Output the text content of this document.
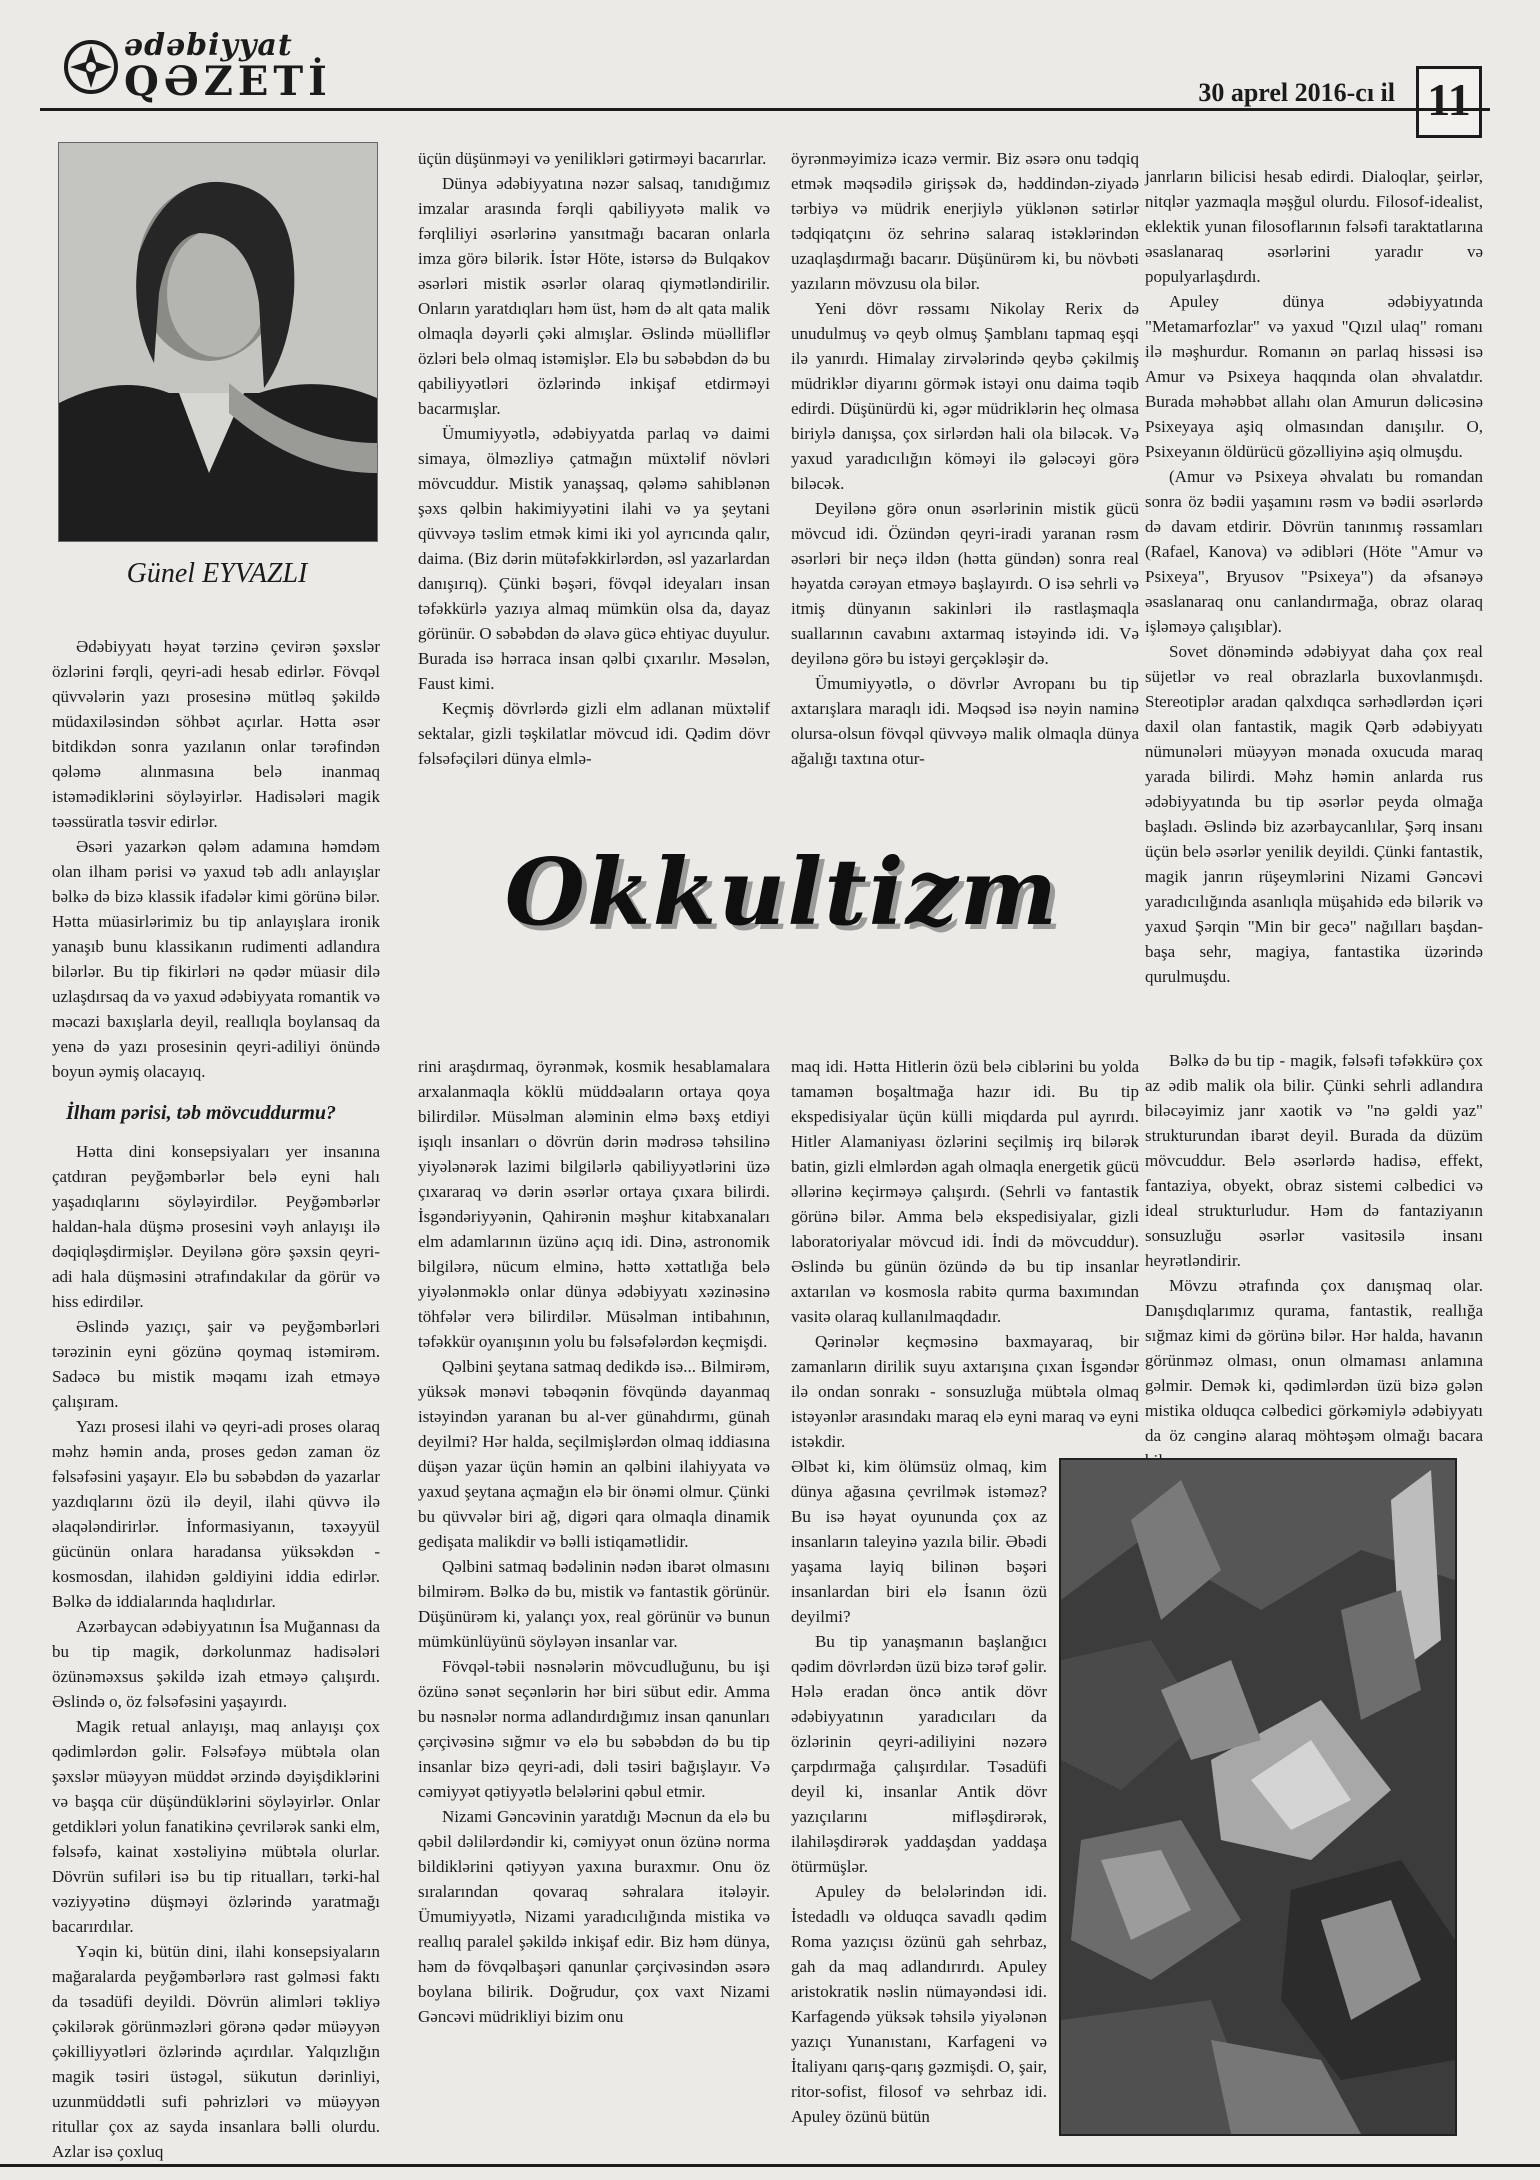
ədəbiyyat
QƏZETİ	30 aprel 2016-cı il 11
Günel EYVAZLI

Ədəbiyyatı həyat tərzinə çevirən şəxslər özlərini fərqli, qeyri-adi hesab edirlər. Fövqəl qüvvələrin yazı prosesinə mütləq şəkildə müdaxiləsindən söhbət açırlar. Hətta əsər bitdikdən sonra yazılanın onlar tərəfindən qələmə alınmasına belə inanmaq istəmədiklərini söyləyirlər. Hadisələri magik təəssüratla təsvir edirlər.

Əsəri yazarkən qələm adamına həmdəm olan ilham pərisi və yaxud təb adlı anlayışlar bəlkə də bizə klassik ifadələr kimi görünə bilər. Hətta müasirlərimiz bu tip anlayışlara ironik yanaşıb bunu klassikanın rudimenti adlandıra bilərlər. Bu tip fikirləri nə qədər müasir dilə uzlaşdırsaq da və yaxud ədəbiyyata romantik və məcazi baxışlarla deyil, reallıqla boylansaq da yenə də yazı prosesinin qeyri-adiliyi önündə boyun əymiş olacayıq.

İlham pərisi, təb mövcuddurmu?

Hətta dini konsepsiyaları yer insanına çatdıran peyğəmbərlər belə eyni halı yaşadıqlarını söyləyirdilər. Peyğəmbərlər haldan-hala düşmə prosesini vəyh anlayışı ilə dəqiqləşdirmişlər. Deyilənə görə şəxsin qeyri-adi hala düşməsini ətrafındakılar da görür və hiss edirdilər.

Əslində yazıçı, şair və peyğəmbərləri tərəzinin eyni gözünə qoymaq istəmirəm. Sadəcə bu mistik məqamı izah etməyə çalışıram.

Yazı prosesi ilahi və qeyri-adi proses olaraq məhz həmin anda, proses gedən zaman öz fəlsəfəsini yaşayır. Elə bu səbəbdən də yazarlar yazdıqlarını özü ilə deyil, ilahi qüvvə ilə əlaqələndirirlər. İnformasiyanın, təxəyyül gücünün onlara haradansa yüksəkdən - kosmosdan, ilahidən gəldiyini iddia edirlər. Bəlkə də iddialarında haqlıdırlar.

Azərbaycan ədəbiyyatının İsa Muğannası da bu tip magik, dərkolunmaz hadisələri özünəməxsus şəkildə izah etməyə çalışırdı. Əslində o, öz fəlsəfəsini yaşayırdı.

Magik retual anlayışı, maq anlayışı çox qədimlərdən gəlir. Fəlsəfəyə mübtəla olan şəxslər müəyyən müddət ərzində dəyişdiklərini və başqa cür düşündüklərini söyləyirlər. Onlar getdikləri yolun fanatikinə çevrilərək sanki elm, fəlsəfə, kainat xəstəliyinə mübtəla olurlar. Dövrün sufiləri isə bu tip ritualları, tərki-hal vəziyyətinə düşməyi özlərində yaratmağı bacarırdılar.

Yəqin ki, bütün dini, ilahi konsepsiyaların mağaralarda peyğəmbərlərə rast gəlməsi faktı da təsadüfi deyildi. Dövrün alimləri təkliyə çəkilərək görünməzləri görənə qədər müəyyən çəkilliyyətləri özlərində açırdılar. Yalqızlığın magik təsiri üstəgəl, sükutun dərinliyi, uzunmüddətli sufi pəhrizləri və müəyyən ritullar çox az sayda insanlara bəlli olurdu. Azlar isə çoxluq

üçün düşünməyi və yenilikləri gətirməyi bacarırlar.

Dünya ədəbiyyatına nəzər salsaq, tanıdığımız imzalar arasında fərqli qabiliyyətə malik və fərqliliyi əsərlərinə yansıtmağı bacaran onlarla imza görə bilərik. İstər Höte, istərsə də Bulqakov əsərləri mistik əsərlər olaraq qiymətləndirilir. Onların yaratdıqları həm üst, həm də alt qata malik olmaqla dəyərli çəki almışlar. Əslində müəlliflər özləri belə olmaq istəmişlər. Elə bu səbəbdən də bu qabiliyyətləri özlərində inkişaf etdirməyi bacarmışlar.

Ümumiyyətlə, ədəbiyyatda parlaq və daimi simaya, ölməzliyə çatmağın müxtəlif növləri mövcuddur. Mistik yanaşsaq, qələmə sahiblənən şəxs qəlbin hakimiyyətini ilahi və ya şeytani qüvvəyə təslim etmək kimi iki yol ayrıcında qalır, daima. (Biz dərin mütəfəkkirlərdən, əsl yazarlardan danışırıq). Çünki bəşəri, fövqəl ideyaları insan təfəkkürlə yazıya almaq mümkün olsa da, dayaz görünür. O səbəbdən də əlavə gücə ehtiyac duyulur. Burada isə hərraca insan qəlbi çıxarılır. Məsələn, Faust kimi.

Keçmiş dövrlərdə gizli elm adlanan müxtəlif sektalar, gizli təşkilatlar mövcud idi. Qədim dövr fəlsəfəçiləri dünya elmlə-

öyrənməyimizə icazə vermir. Biz əsərə onu tədqiq etmək məqsədilə girişsək də, həddindən-ziyadə tərbiyə və müdrik enerjiylə yüklənən sətirlər tədqiqatçını öz sehrinə salaraq istəklərindən uzaqlaşdırmağı bacarır. Düşünürəm ki, bu növbəti yazıların mövzusu ola bilər.

Yeni dövr rəssamı Nikolay Rerix də unudulmuş və qeyb olmuş Şamblanı tapmaq eşqi ilə yanırdı. Himalay zirvələrində qeybə çəkilmiş müdriklər diyarını görmək istəyi onu daima təqib edirdi. Düşünürdü ki, əgər müdriklərin heç olmasa biriylə danışsa, çox sirlərdən hali ola biləcək. Və yaxud yaradıcılığın kömәyi ilə gələcəyi görə biləcək.

Deyilənə görə onun əsərlərinin mistik gücü mövcud idi. Özündən qeyri-iradi yaranan rəsm əsərləri bir neçə ildən (hətta gündən) sonra real həyatda cərəyan etməyə başlayırdı. O isə sehrli və itmiş dünyanın sakinləri ilə rastlaşmaqla suallarının cavabını axtarmaq istəyində idi. Və deyilənə görə bu istəyi gerçəkləşir də.

Ümumiyyətlə, o dövrlər Avropanı bu tip axtarışlara maraqlı idi. Məqsəd isə nəyin naminə olursa-olsun fövqəl qüvvəyə malik olmaqla dünya ağalığı taxtına otur-

janrların bilicisi hesab edirdi. Dialoqlar, şeirlər, nitqlər yazmaqla məşğul olurdu. Filosof-idealist, eklektik yunan filosoflarının fəlsəfi taraktatlarına əsaslanaraq əsərlərini yaradır və populyarlaşdırdı.

Apuley dünya ədəbiyyatında "Metamarfozlar" və yaxud "Qızıl ulaq" romanı ilə məşhurdur. Romanın ən parlaq hissəsi isə Amur və Psixeya haqqında olan əhvalatdır. Burada məhəbbət allahı olan Amurun dəlicəsinə Psixeyaya aşiq olmasından danışılır. O, Psixeyanın öldürücü gözəlliyinə aşiq olmuşdu.

(Amur və Psixeya əhvalatı bu romandan sonra öz bədii yaşamını rəsm və bədii əsərlərdə də davam etdirir. Dövrün tanınmış rəssamları (Rafael, Kanova) və ədibləri (Höte "Amur və Psixeya", Bryusov "Psixeya") da əfsanəyə əsaslanaraq onu canlandırmağa, obraz olaraq işləməyə çalışıblar).

Sovet dönəmində ədəbiyyat daha çox real süjetlər və real obrazlarla buxovlanmışdı. Stereotiplər aradan qalxdıqca sərhədlərdən içəri daxil olan fantastik, magik Qərb ədəbiyyatı nümunələri müəyyən mənada oxucuda maraq yarada bilirdi. Məhz həmin anlarda rus ədəbiyyatında bu tip əsərlər peyda olmağa başladı. Əslində biz azərbaycanlılar, Şərq insanı üçün belə əsərlər yenilik deyildi. Çünki fantastik, magik janrın rüşeymlərini Nizami Gəncəvi yaradıcılığında asanlıqla müşahidə edə bilərik və yaxud Şərqin "Min bir gecə" nağılları başdan-başa sehr, magiya, fantastika üzərində qurulmuşdu.

Okkultizm

rini araşdırmaq, öyrənmək, kosmik hesablamalara arxalanmaqla köklü müddəaların ortaya qoya bilirdilər. Müsəlman aləminin elmə bəxş etdiyi işıqlı insanları o dövrün dərin mədrəsə təhsilinə yiyələnərək lazimi bilgilərlə qabiliyyətlərini üzə çıxararaq və dərin əsərlər ortaya çıxara bilirdi. İsgəndəriyyənin, Qahirənin məşhur kitabxanaları elm adamlarının üzünə açıq idi. Dinə, astronomik bilgilərə, nücum elminə, həttə xəttatlığa belə yiyələnməklə onlar dünya ədəbiyyatı xəzinəsinə töhfələr verə bilirdilər. Müsəlman intibahının, təfəkkür oyanışının yolu bu fəlsəfələrdən keçmişdi.

Qəlbini şeytana satmaq dedikdə isə... Bilmirəm, yüksək mənəvi təbəqənin fövqündə dayanmaq istəyindən yaranan bu al-ver günahdırmı, günah deyilmi? Hər halda, seçilmişlərdən olmaq iddiasına düşən yazar üçün həmin an qəlbini ilahiyyata və yaxud şeytana açmağın elə bir önəmi olmur. Çünki bu qüvvələr biri ağ, digəri qara olmaqla dinamik gedişata malikdir və bəlli istiqamətlidir.

Qəlbini satmaq bədəlinin nədən ibarət olmasını bilmirəm. Bəlkə də bu, mistik və fantastik görünür. Düşünürəm ki, yalançı yox, real görünür və bunun mümkünlüyünü söyləyən insanlar var.

Fövqəl-təbii nəsnələrin mövcudluğunu, bu işi özünə sənət seçənlərin hər biri sübut edir. Amma bu nəsnələr norma adlandırdığımız insan qanunları çərçivəsinə sığmır və elə bu səbəbdən də bu tip insanlar bizə qeyri-adi, dəli təsiri bağışlayır. Və cəmiyyət qətiyyətlə belələrini qəbul etmir.

Nizami Gəncəvinin yaratdığı Məcnun da elə bu qəbil dəlilərdəndir ki, cəmiyyət onun özünə norma bildiklərini qətiyyən yaxına buraxmır. Onu öz sıralarından qovaraq səhralara itələyir. Ümumiyyətlə, Nizami yaradıcılığında mistika və reallıq paralel şəkildə inkişaf edir. Biz həm dünya, həm də fövqəlbaşəri qanunlar çərçivəsindən əsərə boylana bilirik. Doğrudur, çox vaxt Nizami Gəncəvi müdrikliyi bizim onu

maq idi. Hətta Hitlerin özü belə ciblərini bu yolda tamamən boşaltmağa hazır idi. Bu tip ekspedisiyalar üçün külli miqdarda pul ayrırdı. Hitler Alamaniyası özlərini seçilmiş irq bilərək batin, gizli elmlərdən agah olmaqla energetik gücü əllərinə keçirməyə çalışırdı. (Sehrli və fantastik görünə bilər. Amma belə ekspedisiyalar, gizli laboratoriyalar mövcud idi. İndi də mövcuddur). Əslində bu günün özündə də bu tip insanlar axtarılan və kosmosla rabitə qurma baxımından vasitə olaraq kullanılmaqdadır.

Qərinələr keçməsinə baxmayaraq, bir zamanların dirilik suyu axtarışına çıxan İsgəndər ilə ondan sonrakı - sonsuzluğa mübtəla olmaq istəyənlər arasındakı maraq elə eyni maraq və eyni istəkdir.

Əlbət ki, kim ölümsüz olmaq, kim dünya ağasına çevrilmək istəməz? Bu isə həyat oyununda çox az insanların taleyinə yazıla bilir. Əbədi yaşama layiq bilinən bəşəri insanlardan biri elə İsanın özü deyilmi?

Bu tip yanaşmanın başlanğıcı qədim dövrlərdən üzü bizə tərəf gəlir. Hələ eradan öncə antik dövr ədəbiyyatının yaradıcıları da özlərinin qeyri-adiliyini nəzərə çarpdırmağa çalışırdılar. Təsadüfi deyil ki, insanlar Antik dövr yazıçılarını mifləşdirərək, ilahiləşdirərək yaddaşdan yaddaşa ötürmüşlər.

Apuley də belələrindən idi. İstedadlı və olduqca savadlı qədim Roma yazıçısı özünü gah sehrbaz, gah da maq adlandırırdı. Apuley aristokratik nəslin nümayəndəsi idi. Karfagendə yüksək təhsilə yiyələnən yazıçı Yunanıstanı, Karfageni və İtaliyanı qarış-qarış gəzmişdi. O, şair, ritor-sofist, filosof və sehrbaz idi. Apuley özünü bütün

Bəlkə də bu tip - magik, fəlsəfi təfəkkürə çox az ədib malik ola bilir. Çünki sehrli adlandıra biləcəyimiz janr xaotik və "nə gəldi yaz" strukturundan ibarət deyil. Burada da düzüm mövcuddur. Belə əsərlərdə hadisə, effekt, fantaziya, obyekt, obraz sistemi cəlbedici və ideal strukturludur. Həm də fantaziyanın sonsuzluğu əsərlər vasitəsilə insanı heyrətləndirir.

Mövzu ətrafında çox danışmaq olar. Danışdıqlarımız qurama, fantastik, reallığa sığmaz kimi də görünə bilər. Hər halda, havanın görünməz olması, onun olmaması anlamına gəlmir. Demək ki, qədimlərdən üzü bizə gələn mistika olduqca cəlbedici görkəmiylə ədəbiyyatı da öz cənginə alaraq möhtəşəm olmağı bacara
